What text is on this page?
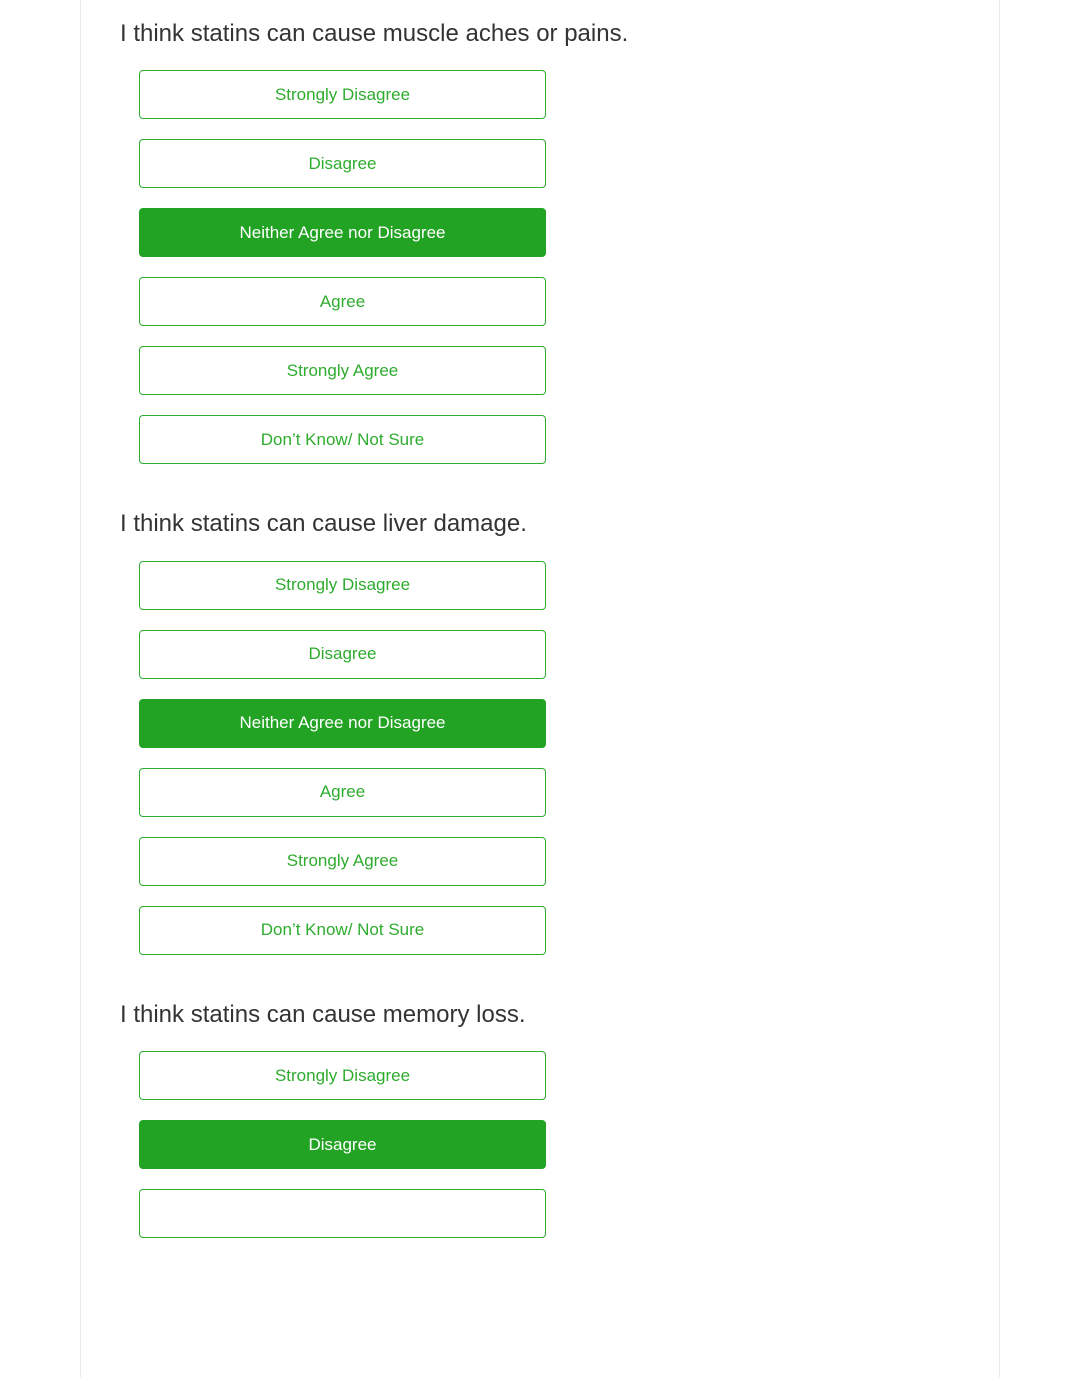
I think statins can cause muscle aches or pains.

Strongly Disagree
Disagree
Neither Agree nor Disagree
Agree
Strongly Agree
Don’t Know/ Not Sure

I think statins can cause liver damage.

Strongly Disagree
Disagree
Neither Agree nor Disagree
Agree
Strongly Agree
Don’t Know/ Not Sure

I think statins can cause memory loss.

Strongly Disagree
Disagree
